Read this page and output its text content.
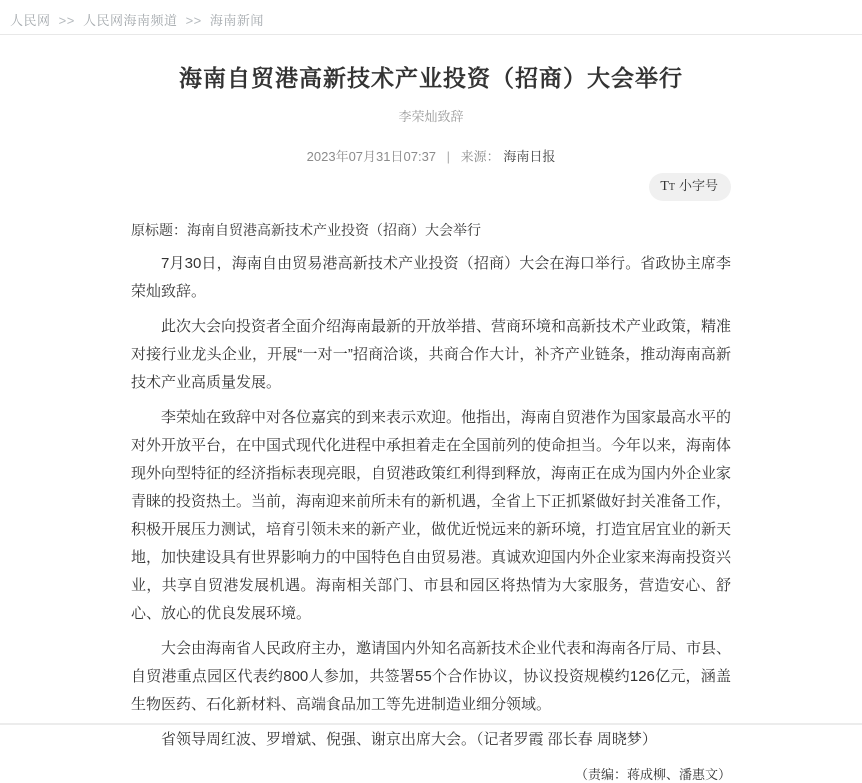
人民网 >> 人民网海南频道 >> 海南新闻
海南自贸港高新技术产业投资（招商）大会举行
李荣灿致辞
2023年07月31日07:37 | 来源： 海南日报
TT 小字号

原标题：海南自贸港高新技术产业投资（招商）大会举行

7月30日，海南自由贸易港高新技术产业投资（招商）大会在海口举行。省政协主席李荣灿致辞。

此次大会向投资者全面介绍海南最新的开放举措、营商环境和高新技术产业政策，精准对接行业龙头企业，开展“一对一”招商洽谈，共商合作大计，补齐产业链条，推动海南高新技术产业高质量发展。

李荣灿在致辞中对各位嘉宾的到来表示欢迎。他指出，海南自贸港作为国家最高水平的对外开放平台，在中国式现代化进程中承担着走在全国前列的使命担当。今年以来，海南体现外向型特征的经济指标表现亮眼，自贸港政策红利得到释放，海南正在成为国内外企业家青睐的投资热土。当前，海南迎来前所未有的新机遇，全省上下正抓紧做好封关准备工作，积极开展压力测试，培育引领未来的新产业，做优近悦远来的新环境，打造宜居宜业的新天地，加快建设具有世界影响力的中国特色自由贸易港。真诚欢迎国内外企业家来海南投资兴业，共享自贸港发展机遇。海南相关部门、市县和园区将热情为大家服务，营造安心、舒心、放心的优良发展环境。

大会由海南省人民政府主办，邀请国内外知名高新技术企业代表和海南各厅局、市县、自贸港重点园区代表约800人参加，共签署55个合作协议，协议投资规模约126亿元，涵盖生物医药、石化新材料、高端食品加工等先进制造业细分领域。

省领导周红波、罗增斌、倪强、谢京出席大会。（记者罗霞 邵长春 周晓梦）

（责编：蒋成柳、潘惠文）
